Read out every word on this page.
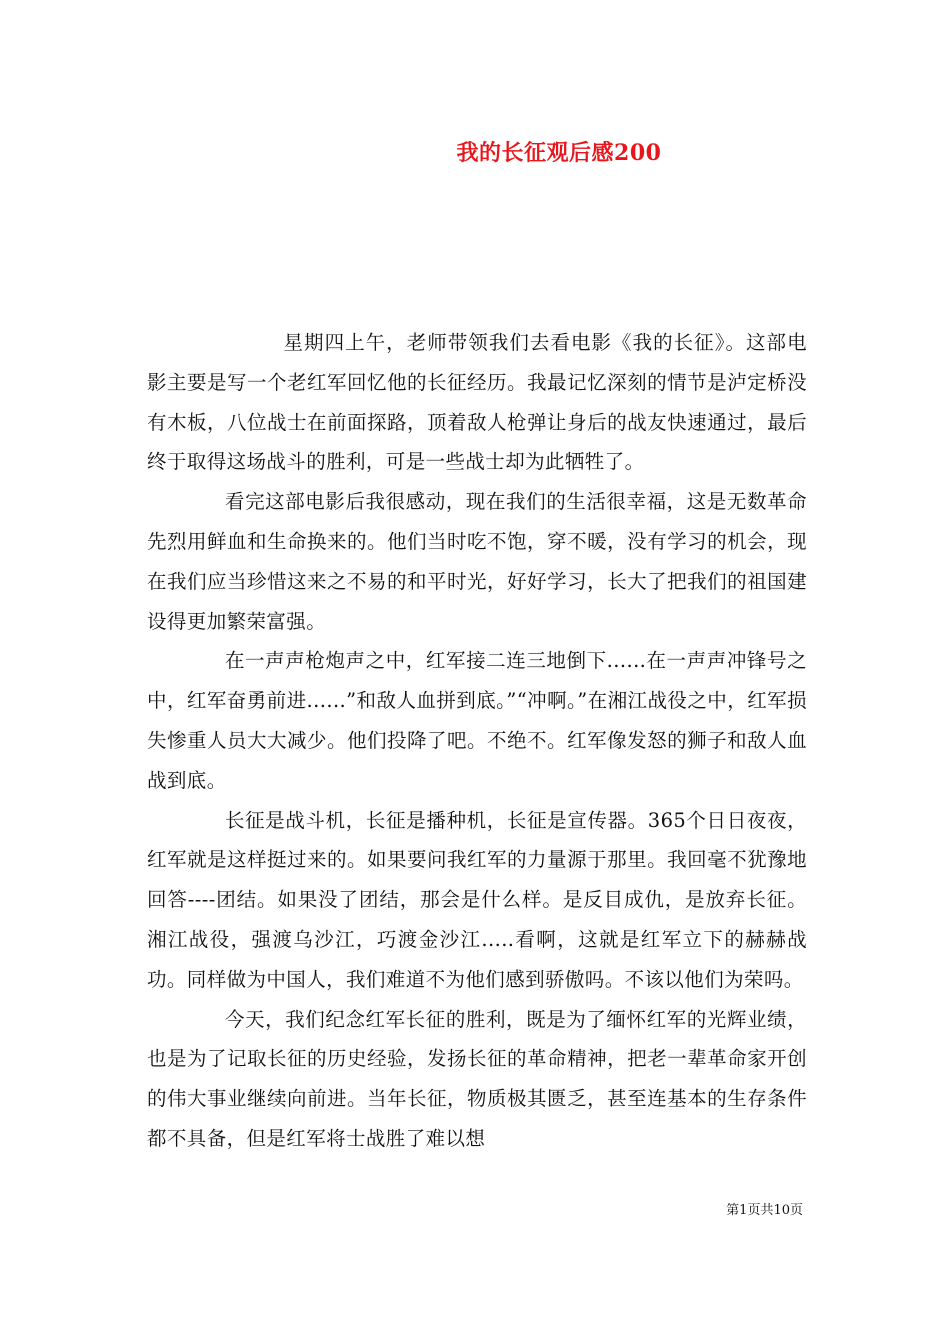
我的长征观后感200

星期四上午，老师带领我们去看电影《我的长征》。这部电影主要是写一个老红军回忆他的长征经历。我最记忆深刻的情节是泸定桥没有木板，八位战士在前面探路，顶着敌人枪弹让身后的战友快速通过，最后终于取得这场战斗的胜利，可是一些战士却为此牺牲了。

看完这部电影后我很感动，现在我们的生活很幸福，这是无数革命先烈用鲜血和生命换来的。他们当时吃不饱，穿不暖，没有学习的机会，现在我们应当珍惜这来之不易的和平时光，好好学习，长大了把我们的祖国建设得更加繁荣富强。

在一声声枪炮声之中，红军接二连三地倒下......在一声声冲锋号之中，红军奋勇前进......”和敌人血拼到底。”“冲啊。”在湘江战役之中，红军损失惨重人员大大减少。他们投降了吧。不绝不。红军像发怒的狮子和敌人血战到底。

长征是战斗机，长征是播种机，长征是宣传器。365个日日夜夜，红军就是这样挺过来的。如果要问我红军的力量源于那里。我回毫不犹豫地回答----团结。如果没了团结，那会是什么样。是反目成仇，是放弃长征。湘江战役，强渡乌沙江，巧渡金沙江.....看啊，这就是红军立下的赫赫战功。同样做为中国人，我们难道不为他们感到骄傲吗。不该以他们为荣吗。

今天，我们纪念红军长征的胜利，既是为了缅怀红军的光辉业绩，也是为了记取长征的历史经验，发扬长征的革命精神，把老一辈革命家开创的伟大事业继续向前进。当年长征，物质极其匮乏，甚至连基本的生存条件都不具备，但是红军将士战胜了难以想

第1页共10页
